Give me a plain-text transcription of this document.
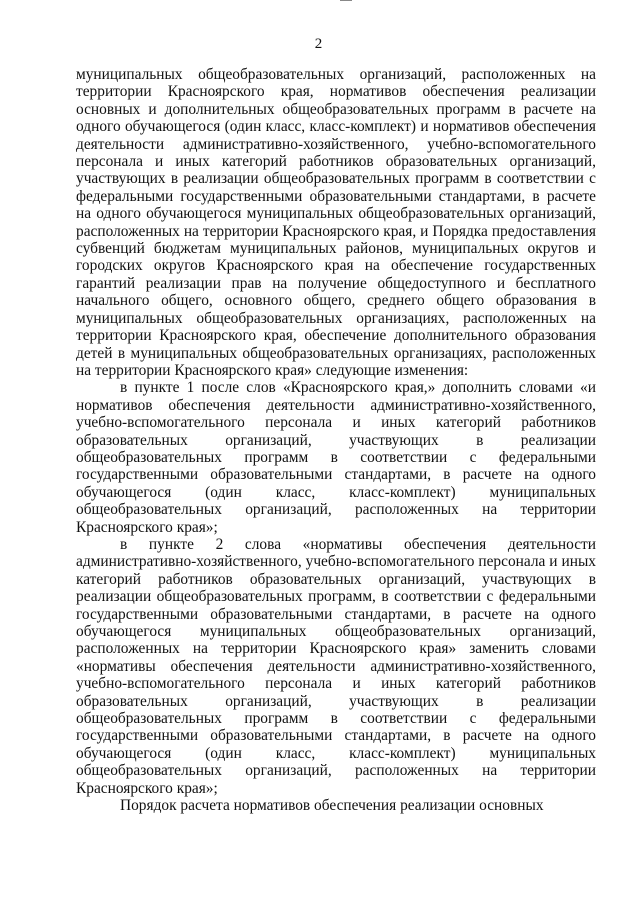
2

муниципальных общеобразовательных организаций, расположенных на территории Красноярского края, нормативов обеспечения реализации основных и дополнительных общеобразовательных программ в расчете на одного обучающегося (один класс, класс-комплект) и нормативов обеспечения деятельности административно-хозяйственного, учебно-вспомогательного персонала и иных категорий работников образовательных организаций, участвующих в реализации общеобразовательных программ в соответствии с федеральными государственными образовательными стандартами, в расчете на одного обучающегося муниципальных общеобразовательных организаций, расположенных на территории Красноярского края, и Порядка предоставления субвенций бюджетам муниципальных районов, муниципальных округов и городских округов Красноярского края на обеспечение государственных гарантий реализации прав на получение общедоступного и бесплатного начального общего, основного общего, среднего общего образования в муниципальных общеобразовательных организациях, расположенных на территории Красноярского края, обеспечение дополнительного образования детей в муниципальных общеобразовательных организациях, расположенных на территории Красноярского края» следующие изменения:

в пункте 1 после слов «Красноярского края,» дополнить словами «и нормативов обеспечения деятельности административно-хозяйственного, учебно-вспомогательного персонала и иных категорий работников образовательных организаций, участвующих в реализации общеобразовательных программ в соответствии с федеральными государственными образовательными стандартами, в расчете на одного обучающегося (один класс, класс-комплект) муниципальных общеобразовательных организаций, расположенных на территории Красноярского края»;

в пункте 2 слова «нормативы обеспечения деятельности административно-хозяйственного, учебно-вспомогательного персонала и иных категорий работников образовательных организаций, участвующих в реализации общеобразовательных программ, в соответствии с федеральными государственными образовательными стандартами, в расчете на одного обучающегося муниципальных общеобразовательных организаций, расположенных на территории Красноярского края» заменить словами «нормативы обеспечения деятельности административно-хозяйственного, учебно-вспомогательного персонала и иных категорий работников образовательных организаций, участвующих в реализации общеобразовательных программ в соответствии с федеральными государственными образовательными стандартами, в расчете на одного обучающегося (один класс, класс-комплект) муниципальных общеобразовательных организаций, расположенных на территории Красноярского края»;

Порядок расчета нормативов обеспечения реализации основных
